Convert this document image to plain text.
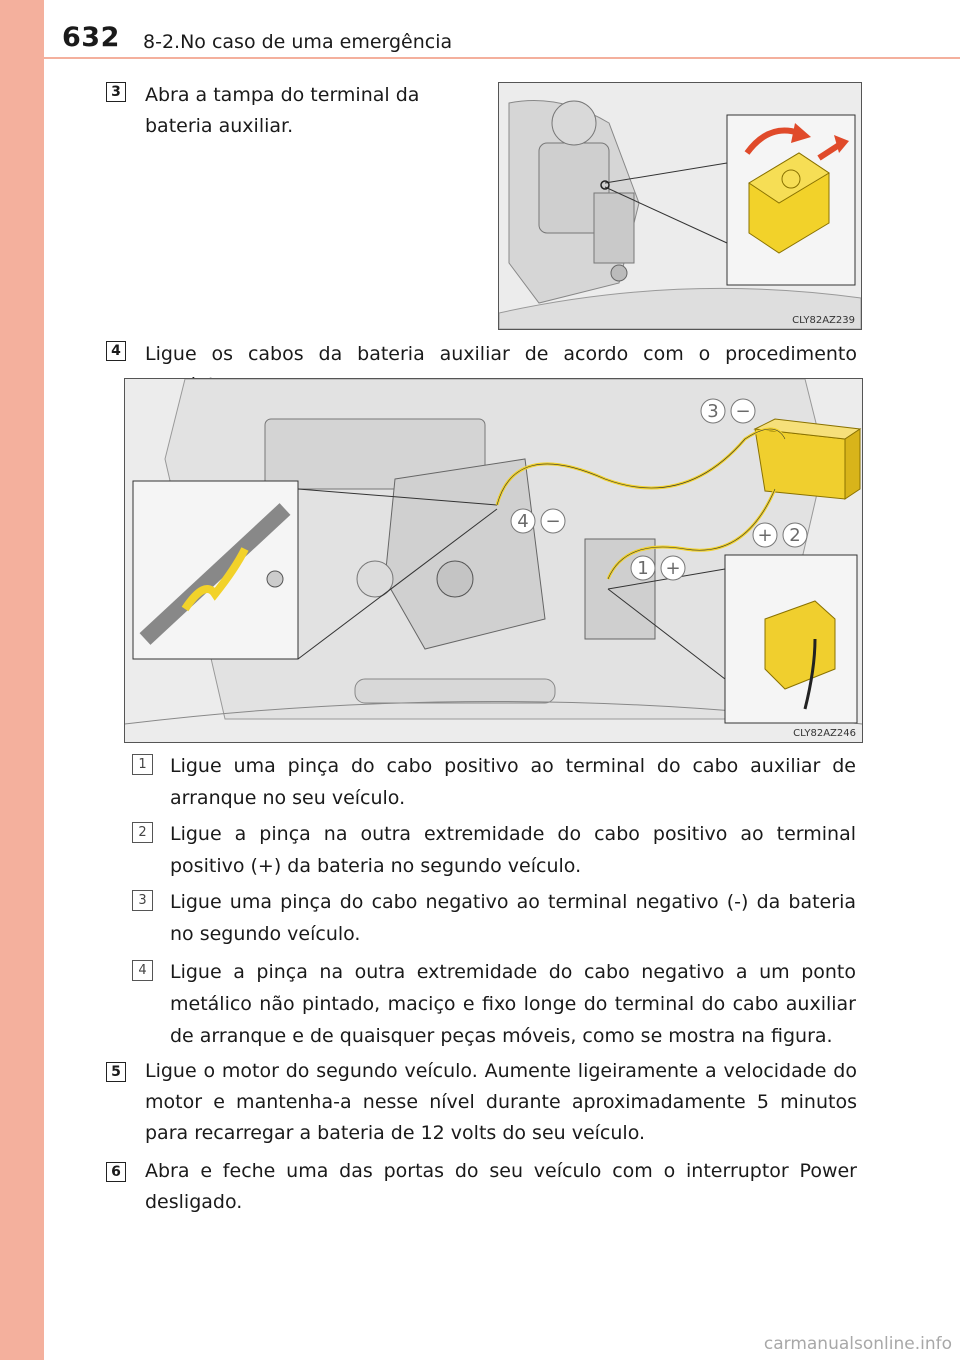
632 8-2.No caso de uma emergência
3 Abra a tampa do terminal da bateria auxiliar.
CLY82AZ239
4 Ligue os cabos da bateria auxiliar de acordo com o procedimento
3 −
4 −
+ 2
1 +
CLY82AZ246
1	Ligue uma pinça do cabo positivo ao terminal do cabo auxiliar de arranque no seu veículo.
2	Ligue a pinça na outra extremidade do cabo positivo ao terminal positivo (+) da bateria no segundo veículo.
3	Ligue uma pinça do cabo negativo ao terminal negativo (-) da bateria no segundo veículo.
4	Ligue a pinça na outra extremidade do cabo negativo a um ponto metálico não pintado, maciço e fixo longe do terminal do cabo auxiliar de arranque e de quaisquer peças móveis, como se mostra na figura.
5 Ligue o motor do segundo veículo. Aumente ligeiramente a velocidade do motor e mantenha-a nesse nível durante aproximadamente 5 minutos para recarregar a bateria de 12 volts do seu veículo.
6 Abra e feche uma das portas do seu veículo com o interruptor Power desligado.
carmanualsonline.info
